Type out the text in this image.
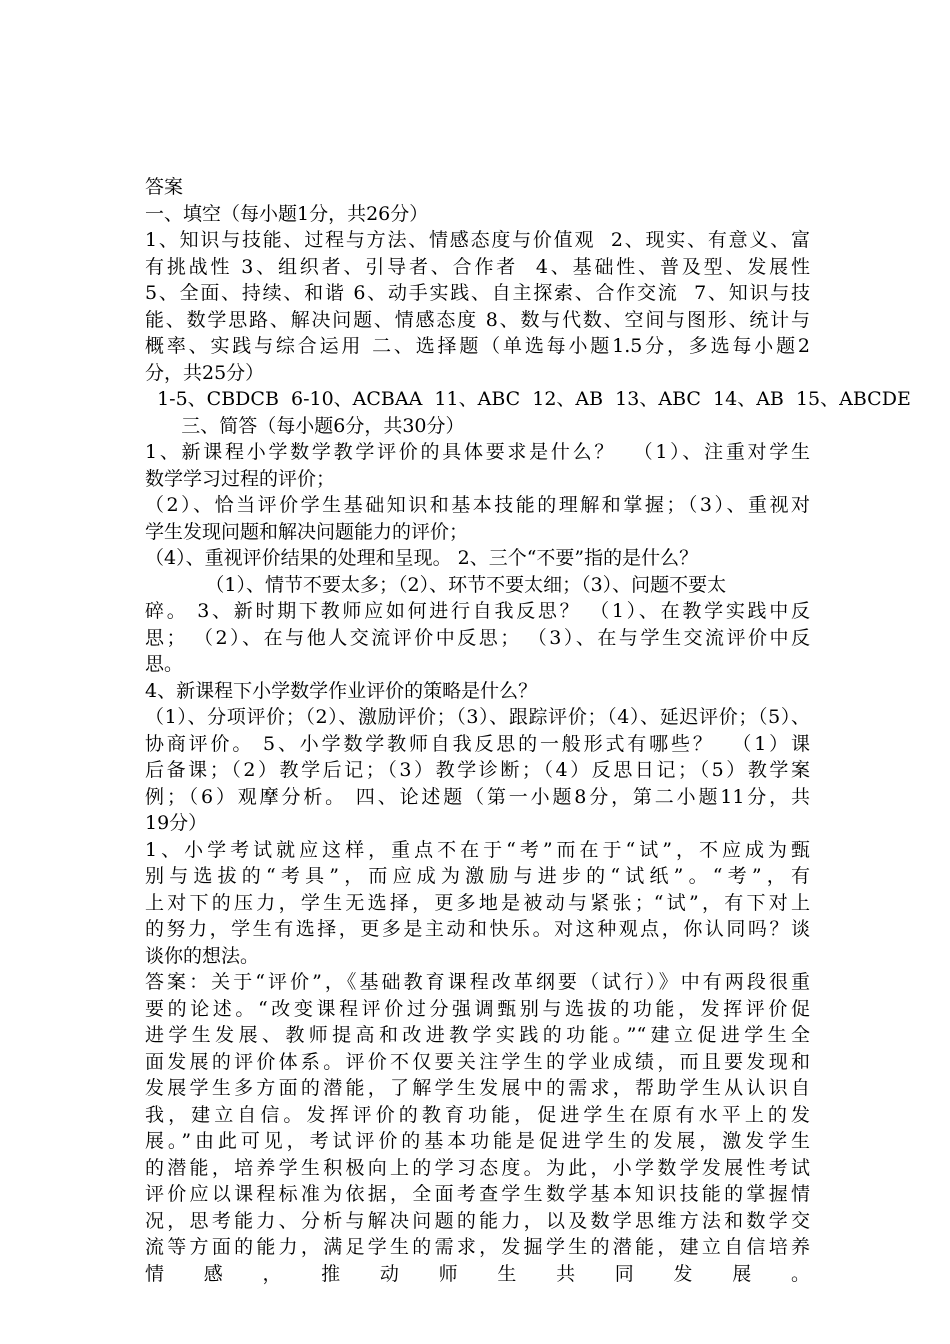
答案
一、填空（每小题1分，共26分）
1、知识与技能、过程与方法、情感态度与价值观  2、现实、有意义、富
有挑战性 3、组织者、引导者、合作者  4、基础性、普及型、发展性
5、全面、持续、和谐 6、动手实践、自主探索、合作交流  7、知识与技
能、数学思路、解决问题、情感态度 8、数与代数、空间与图形、统计与
概率、实践与综合运用 二、选择题（单选每小题1.5分，多选每小题2
分，共25分）
1-5、CBDCB  6-10、ACBAA  11、ABC  12、AB  13、ABC  14、AB  15、ABCDE
三、简答（每小题6分，共30分）
1、新课程小学数学教学评价的具体要求是什么？  （1）、注重对学生
数学学习过程的评价；
（2）、恰当评价学生基础知识和基本技能的理解和掌握；（3）、重视对
学生发现问题和解决问题能力的评价；
（4）、重视评价结果的处理和呈现。 2、三个“不要”指的是什么？
（1）、情节不要太多；（2）、环节不要太细；（3）、问题不要太
碎。 3、新时期下教师应如何进行自我反思？ （1）、在教学实践中反
思； （2）、在与他人交流评价中反思； （3）、在与学生交流评价中反
思。
4、新课程下小学数学作业评价的策略是什么？
（1）、分项评价；（2）、激励评价；（3）、跟踪评价；（4）、延迟评价；（5）、
协商评价。 5、小学数学教师自我反思的一般形式有哪些？  （1）课
后备课；（2）教学后记；（3）教学诊断；（4）反思日记；（5）教学案
例；（6）观摩分析。 四、论述题（第一小题8分，第二小题11分，共
19分）
1、小学考试就应这样，重点不在于“考”而在于“试”，不应成为甄
别与选拔的“考具”，而应成为激励与进步的“试纸”。“考”，有
上对下的压力，学生无选择，更多地是被动与紧张；“试”，有下对上
的努力，学生有选择，更多是主动和快乐。对这种观点，你认同吗？谈
谈你的想法。
答案：关于“评价”，《基础教育课程改革纲要（试行）》中有两段很重
要的论述。“改变课程评价过分强调甄别与选拔的功能，发挥评价促
进学生发展、教师提高和改进教学实践的功能。”“建立促进学生全
面发展的评价体系。评价不仅要关注学生的学业成绩，而且要发现和
发展学生多方面的潜能，了解学生发展中的需求，帮助学生从认识自
我，建立自信。发挥评价的教育功能，促进学生在原有水平上的发
展。”由此可见，考试评价的基本功能是促进学生的发展，激发学生
的潜能，培养学生积极向上的学习态度。为此，小学数学发展性考试
评价应以课程标准为依据，全面考查学生数学基本知识技能的掌握情
况，思考能力、分析与解决问题的能力，以及数学思维方法和数学交
流等方面的能力，满足学生的需求，发掘学生的潜能，建立自信培养
情感，推动师生共同发展。
